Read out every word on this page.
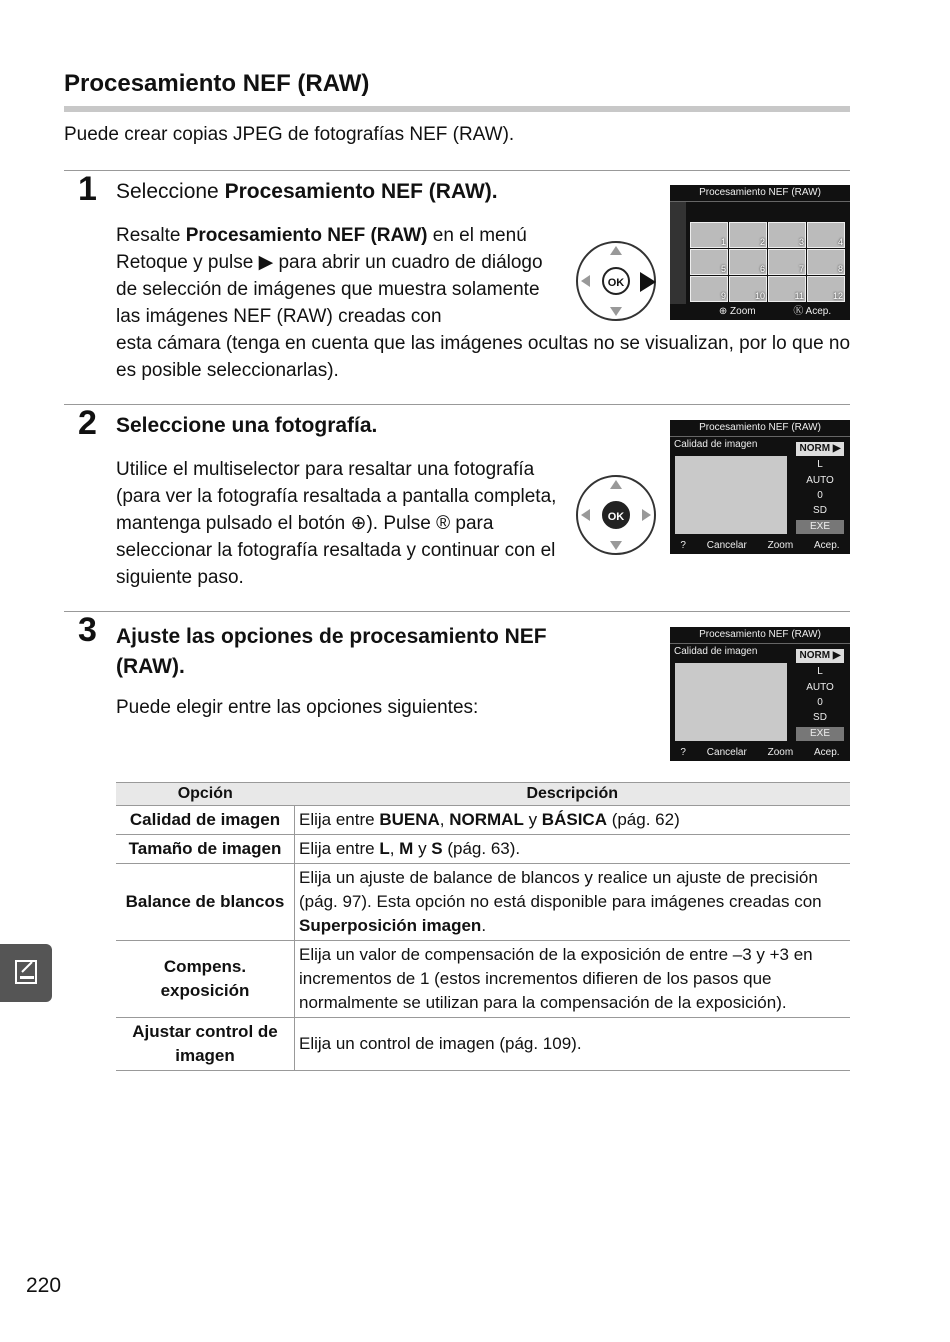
Procesamiento NEF (RAW)
Puede crear copias JPEG de fotografías NEF (RAW).
1 Seleccione Procesamiento NEF (RAW).
Resalte Procesamiento NEF (RAW) en el menú Retoque y pulse ▶ para abrir un cuadro de diálogo de selección de imágenes que muestra solamente las imágenes NEF (RAW) creadas con
esta cámara (tenga en cuenta que las imágenes ocultas no se visualizan, por lo que no es posible seleccionarlas).
OK
Procesamiento NEF (RAW)
1	2	3	4
5	6	7	8
9	10	11	12
⊕ Zoom	Ⓚ Acep.
2 Seleccione una fotografía.
Utilice el multiselector para resaltar una fotografía (para ver la fotografía resaltada a pantalla completa, mantenga pulsado el botón ⊕). Pulse ® para seleccionar la fotografía resaltada y continuar con el siguiente paso.
OK
Procesamiento NEF (RAW)
Calidad de imagen	NORM ▶
L
AUTO
0
SD
EXE
? Cancelar Zoom Acep.
3 Ajuste las opciones de procesamiento NEF (RAW).
Puede elegir entre las opciones siguientes:
Procesamiento NEF (RAW)
Calidad de imagen	NORM ▶
L
AUTO
0
SD
EXE
? Cancelar Zoom Acep.
Opción	Descripción
Calidad de imagen	Elija entre BUENA, NORMAL y BÁSICA (pág. 62)
Tamaño de imagen	Elija entre L, M y S (pág. 63).
Balance de blancos	Elija un ajuste de balance de blancos y realice un ajuste de precisión (pág. 97). Esta opción no está disponible para imágenes creadas con Superposición imagen.
Compens. exposición	Elija un valor de compensación de la exposición de entre –3 y +3 en incrementos de 1 (estos incrementos difieren de los pasos que normalmente se utilizan para la compensación de la exposición).
Ajustar control de imagen	Elija un control de imagen (pág. 109).
220
